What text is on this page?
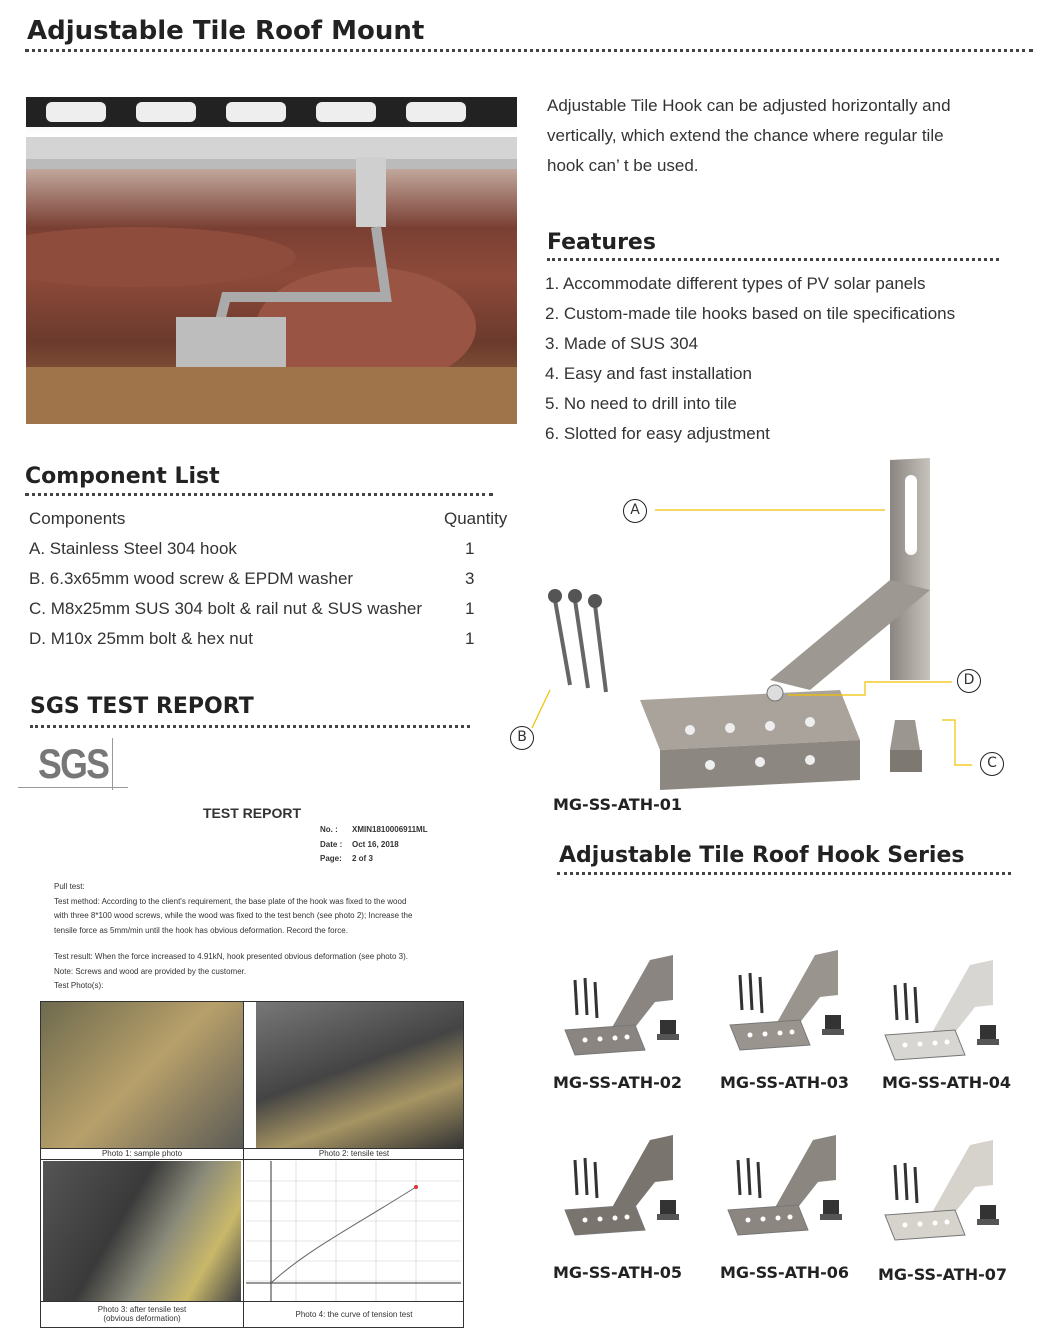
Adjustable Tile Roof Mount
Adjustable Tile Hook can be adjusted horizontally and
vertically, which extend the chance where regular tile
hook can’ t be used.
Features
1. Accommodate different types of PV solar panels
2. Custom-made tile hooks based on tile specifications
3. Made of SUS 304
4. Easy and fast installation
5. No need to drill into tile
6. Slotted for easy adjustment
Component List
Components	Quantity
A. Stainless Steel 304 hook	1
B. 6.3x65mm wood screw & EPDM washer	3
C. M8x25mm SUS 304 bolt & rail nut & SUS washer	1
D. M10x 25mm bolt & hex nut	1
SGS TEST REPORT
SGS
TEST REPORT
No. : XMIN1810006911ML
Date : Oct 16, 2018
Page: 2 of 3
Pull test:
Test method: According to the client's requirement, the base plate of the hook was fixed to the wood
with three 8*100 wood screws, while the wood was fixed to the test bench (see photo 2); Increase the
tensile force as 5mm/min until the hook has obvious deformation. Record the force.
Test result: When the force increased to 4.91kN, hook presented obvious deformation (see photo 3).
Note: Screws and wood are provided by the customer.
Test Photo(s):
Photo 1: sample photo	Photo 2: tensile test
Photo 3: after tensile test
(obvious deformation)	Photo 4: the curve of tension test
A
B
C
D
MG-SS-ATH-01
Adjustable Tile Roof Hook Series
MG-SS-ATH-02 MG-SS-ATH-03 MG-SS-ATH-04
MG-SS-ATH-05 MG-SS-ATH-06 MG-SS-ATH-07
